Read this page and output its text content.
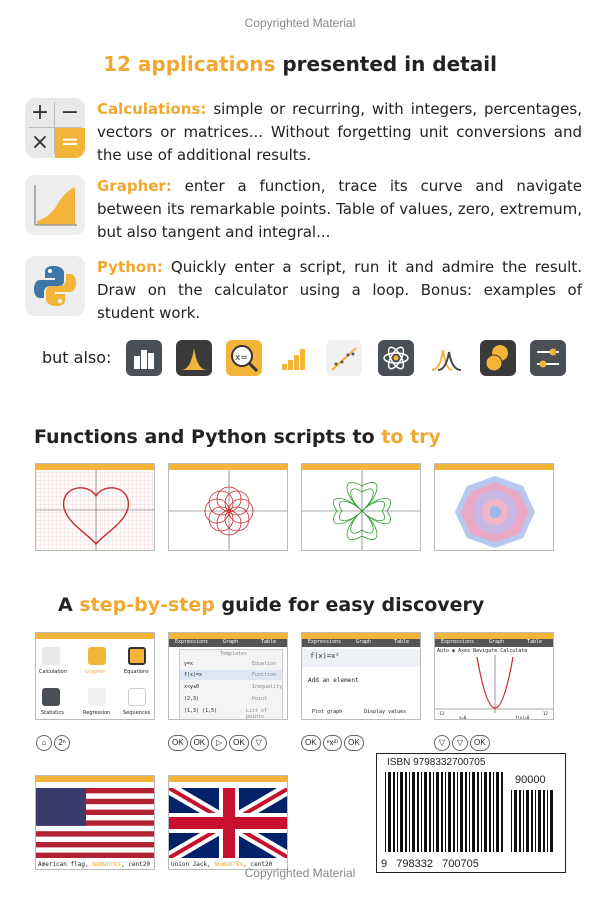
Copyrighted Material
12 applications presented in detail
+ −
× =
Calculations: simple or recurring, with integers, percentages, vectors or matrices... Without forgetting unit conversions and the use of additional results.
Grapher: enter a function, trace its curve and navigate between its remarkable points. Table of values, zero, extremum, but also tangent and integral...
Python: Quickly enter a script, run it and admire the result. Draw on the calculator using a loop. Bonus: examples of student work.
but also:	x=
Functions and Python scripts to to try
A step-by-step guide for easy discovery
Calculation	Grapher	Equations
Statistics	Regression	Sequences
Expressions	Graph	Table
Templates
y=x	Equation
f(x)=x	Function
x<y≤0	Inequality
(2,3)	Point
(1,3) (1,5)	List of points
Expressions	Graph	Table
f(x)=x²
Add an element
Plot graph	Display values
Expressions	Graph	Table
Auto ◉ Axes Navigate Calculate
-12	12
x=0	f(x)=0
⌂ 2ⁿ	OK OK ▷ OK ▽	OK ⁿx²⁾ OK	▽ ▽ OK
American flag, Numworks, cent20	Union Jack, Numworks, cent20
ISBN 9798332700705
90000
9   798332   700705
Copyrighted Material
